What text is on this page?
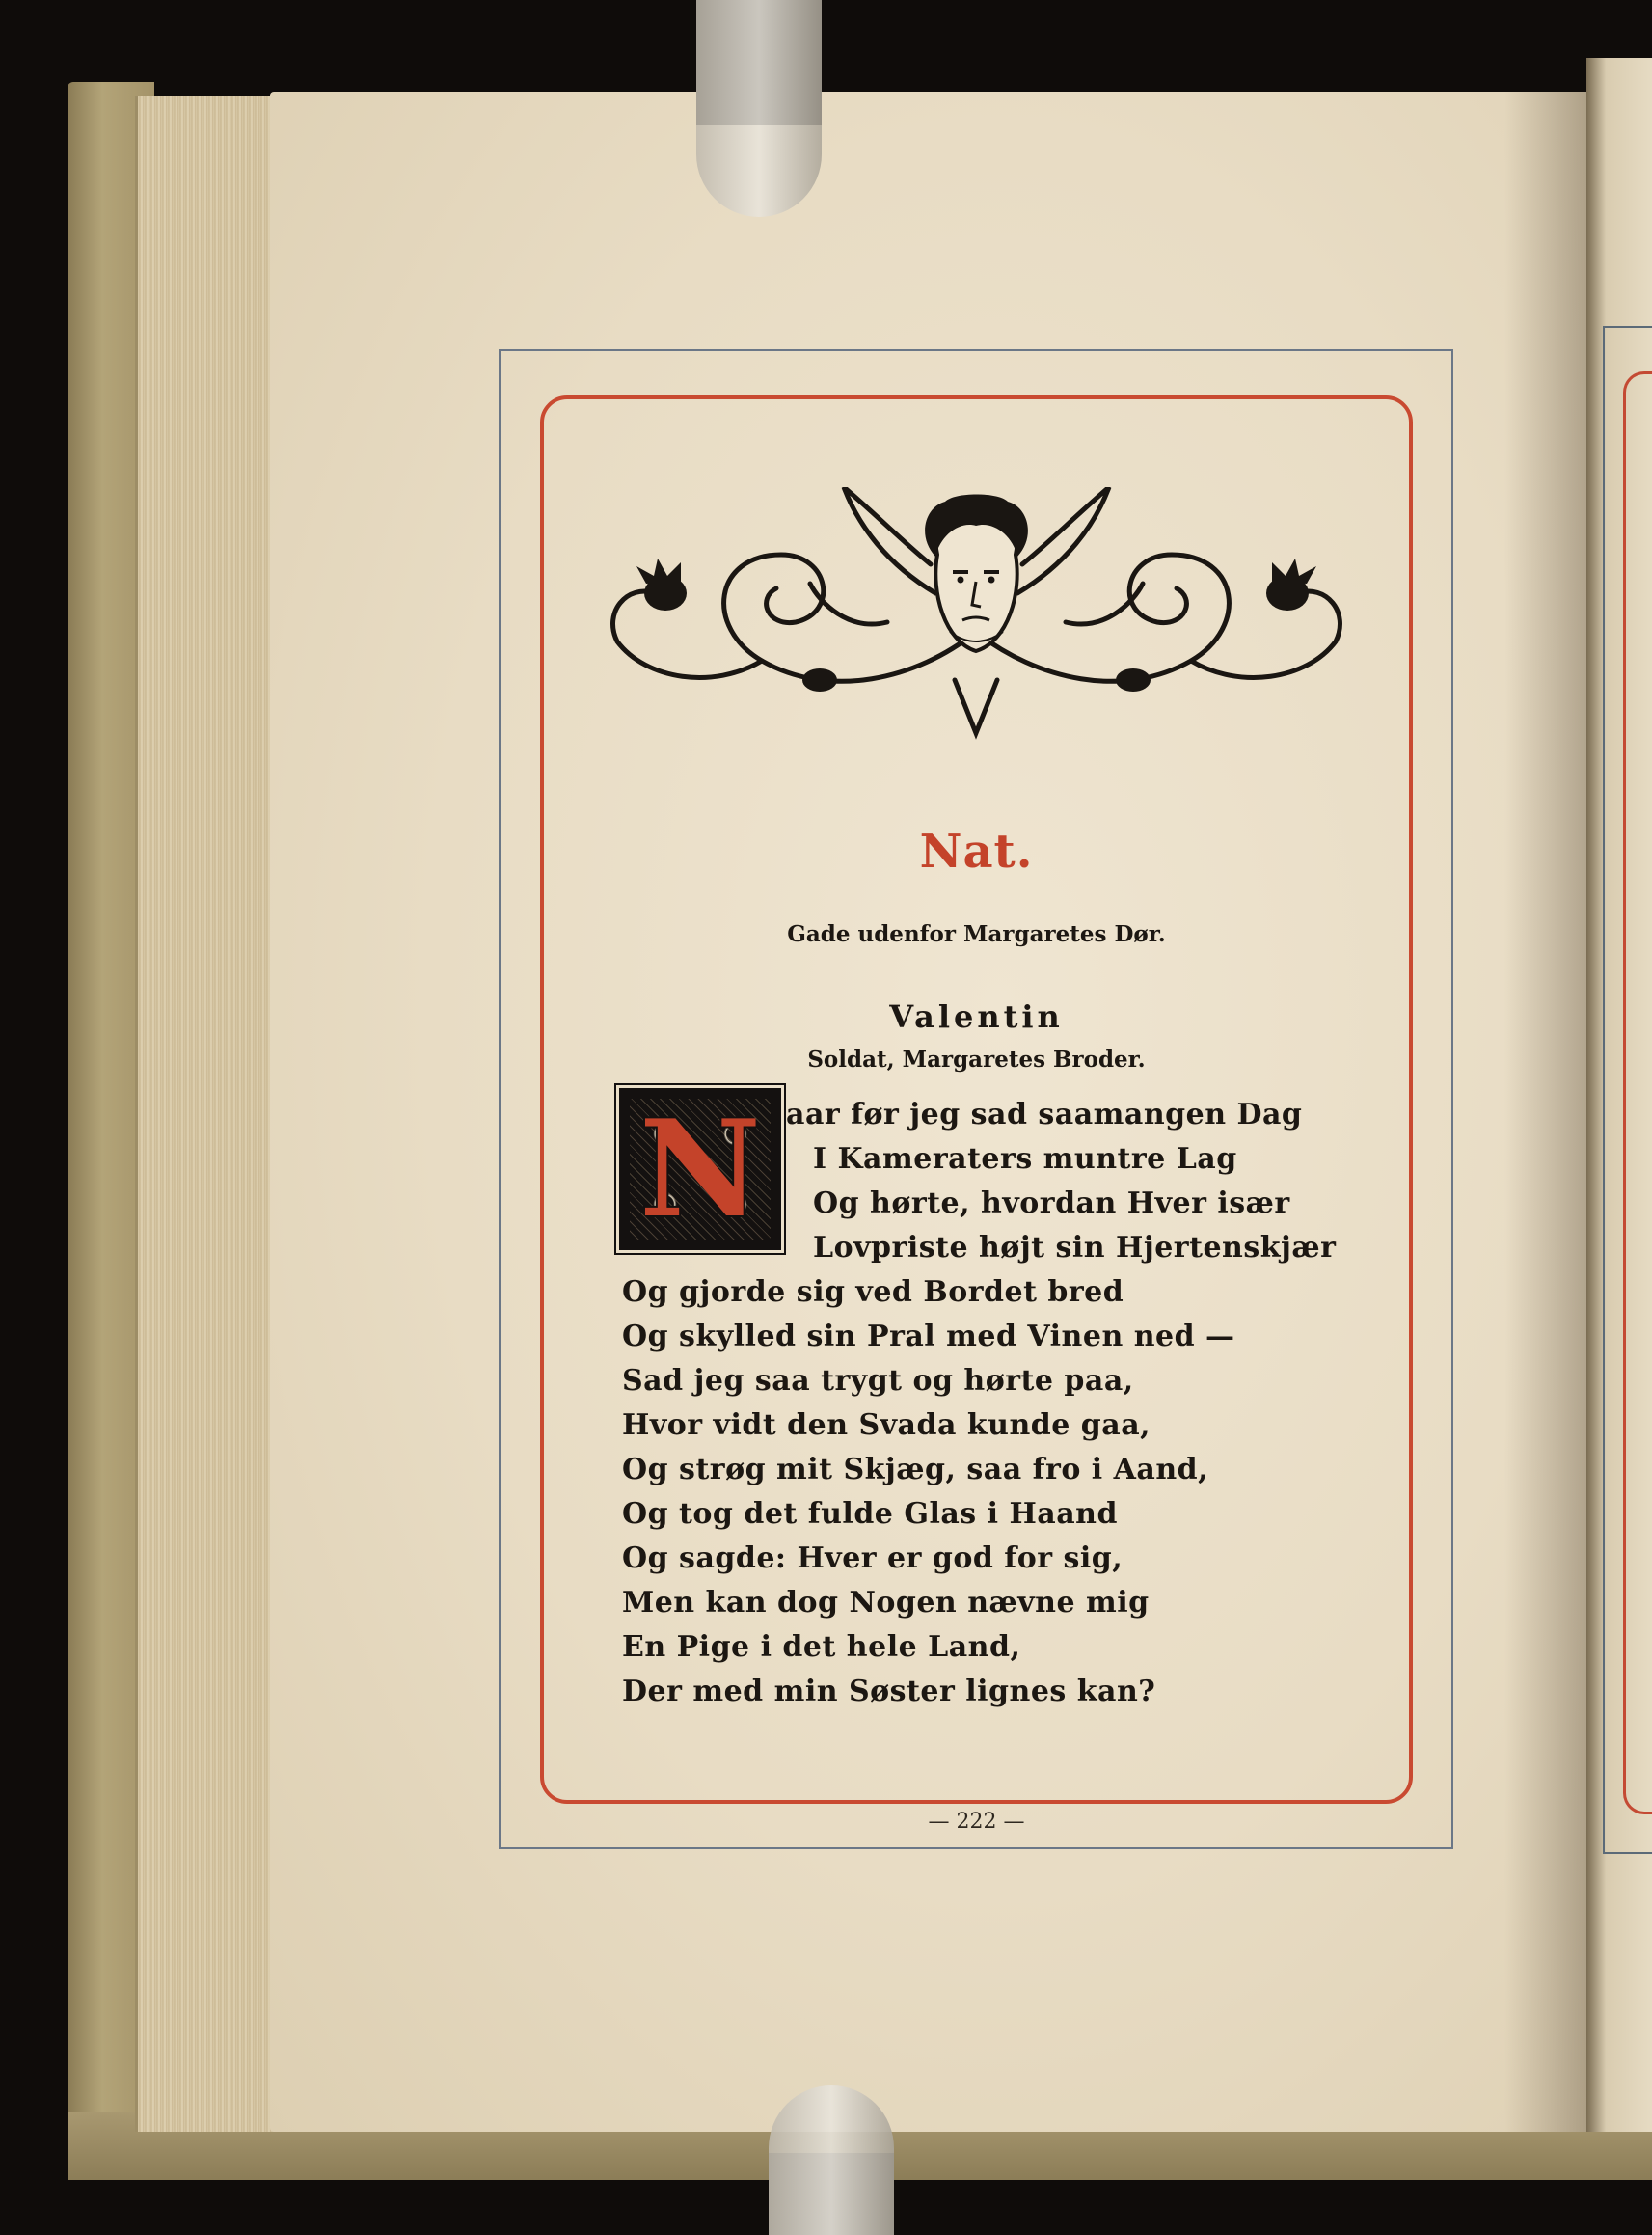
Nat.
Gade udenfor Margaretes Dør.
Valentin
Soldat, Margaretes Broder.
N aar før jeg sad saamangen Dag
I Kameraters muntre Lag
Og hørte, hvordan Hver især
Lovpriste højt sin Hjertenskjær
Og gjorde sig ved Bordet bred
Og skylled sin Pral med Vinen ned —
Sad jeg saa trygt og hørte paa,
Hvor vidt den Svada kunde gaa,
Og strøg mit Skjæg, saa fro i Aand,
Og tog det fulde Glas i Haand
Og sagde: Hver er god for sig,
Men kan dog Nogen nævne mig
En Pige i det hele Land,
Der med min Søster lignes kan?
— 222 —
